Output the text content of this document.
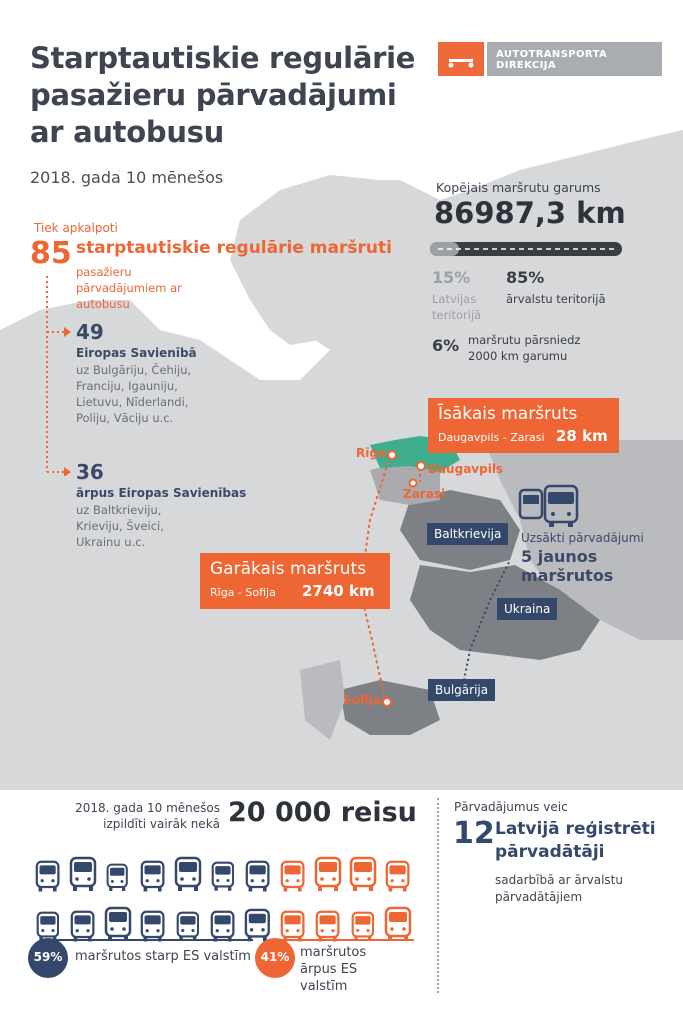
Starptautiskie regulārie pasažieru pārvadājumi ar autobusu
2018. gada 10 mēnešos
AUTOTRANSPORTA DIREKCIJA
Tiek apkalpoti
85 starptautiskie regulārie maršruti
pasažieru pārvadājumiem ar autobusu
49
Eiropas Savienībā
uz Bulgāriju, Čehiju, Franciju, Igauniju, Lietuvu, Nīderlandi, Poliju, Vāciju u.c.
36
ārpus Eiropas Savienības
uz Baltkrieviju, Krieviju, Šveici, Ukrainu u.c.
Kopējais maršrutu garums
86987,3 km
15%
Latvijas teritorijā
85%
ārvalstu teritorijā
6% maršrutu pārsniedz 2000 km garumu
Īsākais maršruts
Daugavpils - Zarasi 28 km
Garākais maršruts
Rīga - Sofija 2740 km
Rīga
Daugavpils
Zarasi
Sofija
Baltkrievija
Ukraina
Bulgārija
Uzsākti pārvadājumi
5 jaunos maršrutos
2018. gada 10 mēnešos
izpildīti vairāk nekā 20 000 reisu
59% maršrutos starp ES valstīm 41% maršrutos ārpus ES valstīm
Pārvadājumus veic
12 Latvijā reģistrēti pārvadātāji
sadarbībā ar ārvalstu pārvadātājiem
